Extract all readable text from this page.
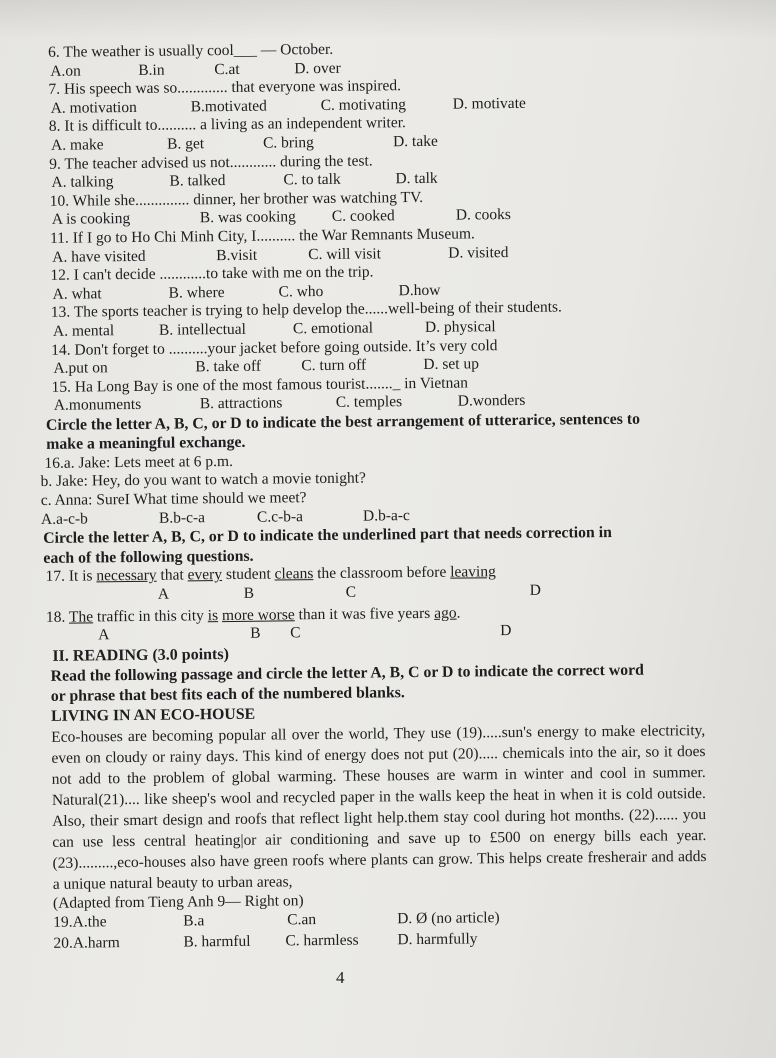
6. The weather is usually cool___ — October.
A.on	B.in	C.at	D. over
7. His speech was so............. that everyone was inspired.
A. motivation	B.motivated	C. motivating	D. motivate
8. It is difficult to.......... a living as an independent writer.
A. make	B. get	C. bring	D. take
9. The teacher advised us not............ during the test.
A. talking	B. talked	C. to talk	D. talk
10. While she.............. dinner, her brother was watching TV.
A is cooking	B. was cooking C. cooked	D. cooks
11. If I go to Ho Chi Minh City, I.......... the War Remnants Museum.
A. have visited	B.visit	C. will visit	D. visited
12. I can't decide ............to take with me on the trip.
A. what	B. where	C. who	D.how
13. The sports teacher is trying to help develop the......well-being of their students.
A. mental	B. intellectual	C. emotional	D. physical
14. Don't forget to ..........your jacket before going outside. It’s very cold
A.put on	B. take off	C. turn off	D. set up
15. Ha Long Bay is one of the most famous tourist......._ in Vietnan
A.monuments	B. attractions	C. temples	D.wonders
Circle the letter A, B, C, or D to indicate the best arrangement of utterarice, sentences to make a meaningful exchange.
16.a. Jake: Lets meet at 6 p.m.
b. Jake: Hey, do you want to watch a movie tonight?
c. Anna: SureI What time should we meet?
A.a-c-b	B.b-c-a	C.c-b-a	D.b-a-c
Circle the letter A, B, C, or D to indicate the underlined part that needs correction in each of the following questions.
17. It is necessary that every student cleans the classroom before leaving
A	B	C	D
18. The traffic in this city is more worse than it was five years ago.
A	B C	D
II. READING (3.0 points)
Read the following passage and circle the letter A, B, C or D to indicate the correct word or phrase that best fits each of the numbered blanks.
LIVING IN AN ECO-HOUSE
Eco-houses are becoming popular all over the world, They use (19).....sun's energy to make electricity, even on cloudy or rainy days. This kind of energy does not put (20)..... chemicals into the air, so it does not add to the problem of global warming. These houses are warm in winter and cool in summer. Natural(21).... like sheep's wool and recycled paper in the walls keep the heat in when it is cold outside. Also, their smart design and roofs that reflect light help.them stay cool during hot months. (22)...... you can use less central heating|or air conditioning and save up to £500 on energy bills each year. (23).........,eco-houses also have green roofs where plants can grow. This helps create fresherair and adds a unique natural beauty to urban areas,
(Adapted from Tieng Anh 9— Right on)
19.A.the	B.a	C.an	D. Ø (no article)
20.A.harm	B. harmful C. harmless D. harmfully
4
